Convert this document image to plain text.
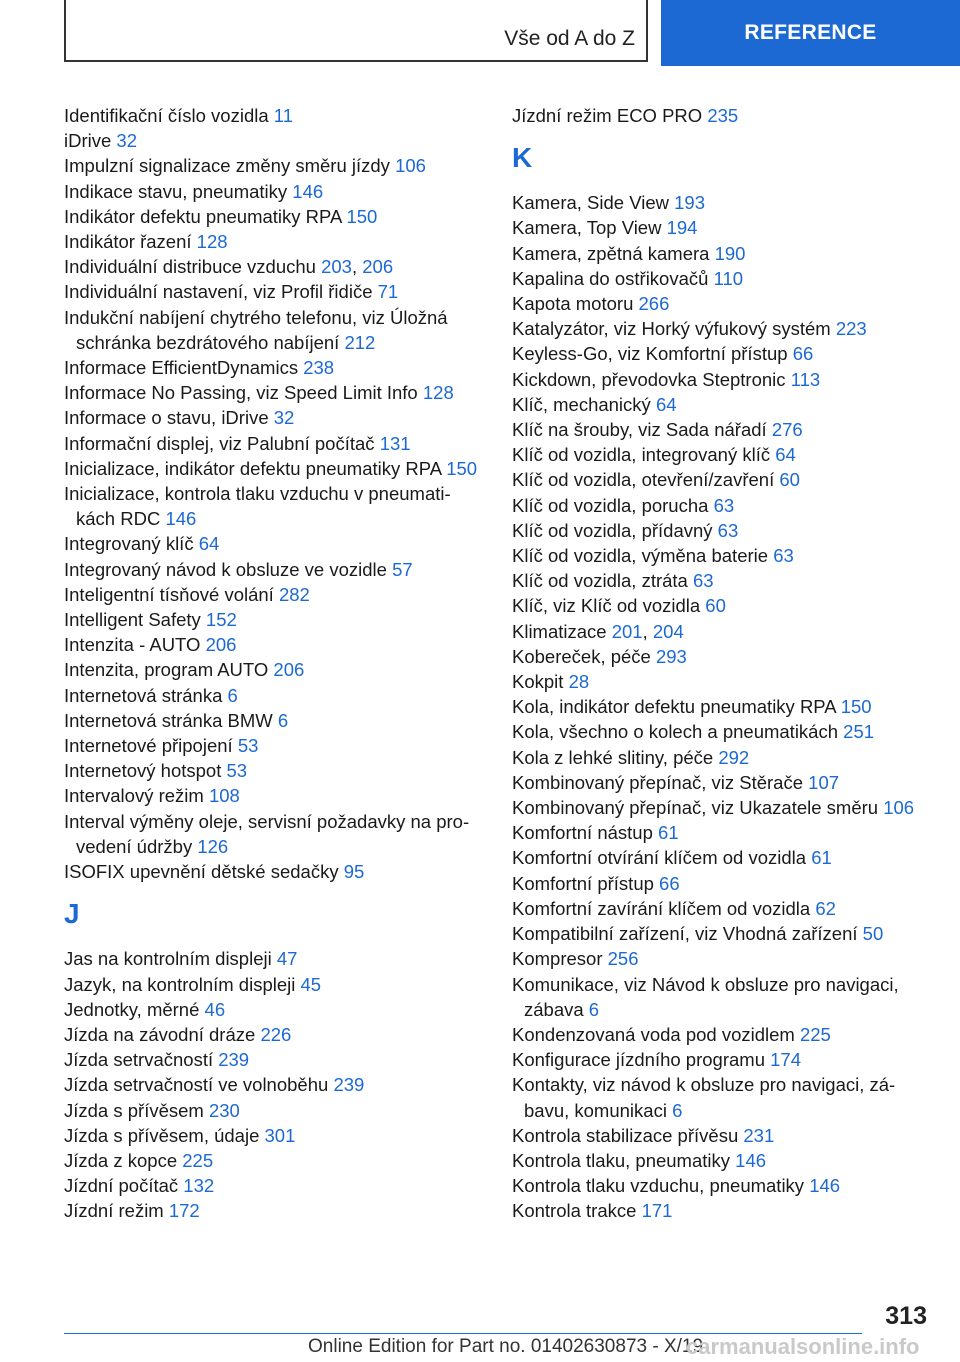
Vše od A do Z	REFERENCE
Identifikační číslo vozidla 11
iDrive 32
Impulzní signalizace změny směru jízdy 106
Indikace stavu, pneumatiky 146
Indikátor defektu pneumatiky RPA 150
Indikátor řazení 128
Individuální distribuce vzduchu 203, 206
Individuální nastavení, viz Profil řidiče 71
Indukční nabíjení chytrého telefonu, viz Úložná schránka bezdrátového nabíjení 212
Informace EfficientDynamics 238
Informace No Passing, viz Speed Limit Info 128
Informace o stavu, iDrive 32
Informační displej, viz Palubní počítač 131
Inicializace, indikátor defektu pneumatiky RPA 150
Inicializace, kontrola tlaku vzduchu v pneumati‐ kách RDC 146
Integrovaný klíč 64
Integrovaný návod k obsluze ve vozidle 57
Inteligentní tísňové volání 282
Intelligent Safety 152
Intenzita - AUTO 206
Intenzita, program AUTO 206
Internetová stránka 6
Internetová stránka BMW 6
Internetové připojení 53
Internetový hotspot 53
Intervalový režim 108
Interval výměny oleje, servisní požadavky na pro‐ vedení údržby 126
ISOFIX upevnění dětské sedačky 95
J
Jas na kontrolním displeji 47
Jazyk, na kontrolním displeji 45
Jednotky, měrné 46
Jízda na závodní dráze 226
Jízda setrvačností 239
Jízda setrvačností ve volnoběhu 239
Jízda s přívěsem 230
Jízda s přívěsem, údaje 301
Jízda z kopce 225
Jízdní počítač 132
Jízdní režim 172
Jízdní režim ECO PRO 235
K
Kamera, Side View 193
Kamera, Top View 194
Kamera, zpětná kamera 190
Kapalina do ostřikovačů 110
Kapota motoru 266
Katalyzátor, viz Horký výfukový systém 223
Keyless-Go, viz Komfortní přístup 66
Kickdown, převodovka Steptronic 113
Klíč, mechanický 64
Klíč na šrouby, viz Sada nářadí 276
Klíč od vozidla, integrovaný klíč 64
Klíč od vozidla, otevření/zavření 60
Klíč od vozidla, porucha 63
Klíč od vozidla, přídavný 63
Klíč od vozidla, výměna baterie 63
Klíč od vozidla, ztráta 63
Klíč, viz Klíč od vozidla 60
Klimatizace 201, 204
Kobereček, péče 293
Kokpit 28
Kola, indikátor defektu pneumatiky RPA 150
Kola, všechno o kolech a pneumatikách 251
Kola z lehké slitiny, péče 292
Kombinovaný přepínač, viz Stěrače 107
Kombinovaný přepínač, viz Ukazatele směru 106
Komfortní nástup 61
Komfortní otvírání klíčem od vozidla 61
Komfortní přístup 66
Komfortní zavírání klíčem od vozidla 62
Kompatibilní zařízení, viz Vhodná zařízení 50
Kompresor 256
Komunikace, viz Návod k obsluze pro navigaci, zábava 6
Kondenzovaná voda pod vozidlem 225
Konfigurace jízdního programu 174
Kontakty, viz návod k obsluze pro navigaci, zá‐ bavu, komunikaci 6
Kontrola stabilizace přívěsu 231
Kontrola tlaku, pneumatiky 146
Kontrola tlaku vzduchu, pneumatiky 146
Kontrola trakce 171
313
Online Edition for Part no. 01402630873 - X/19
carmanualsonline.info
